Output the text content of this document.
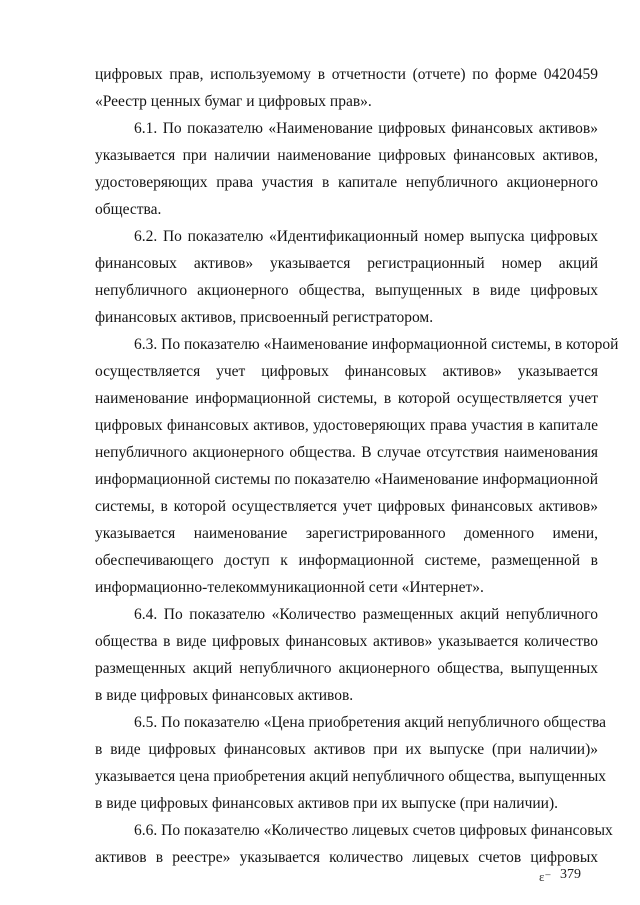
цифровых прав, используемому в отчетности (отчете) по форме 0420459
«Реестр ценных бумаг и цифровых прав».
6.1. По показателю «Наименование цифровых финансовых активов»
указывается при наличии наименование цифровых финансовых активов,
удостоверяющих права участия в капитале непубличного акционерного
общества.
6.2. По показателю «Идентификационный номер выпуска цифровых
финансовых активов» указывается регистрационный номер акций
непубличного акционерного общества, выпущенных в виде цифровых
финансовых активов, присвоенный регистратором.
6.3. По показателю «Наименование информационной системы, в которой
осуществляется учет цифровых финансовых активов» указывается
наименование информационной системы, в которой осуществляется учет
цифровых финансовых активов, удостоверяющих права участия в капитале
непубличного акционерного общества. В случае отсутствия наименования
информационной системы по показателю «Наименование информационной
системы, в которой осуществляется учет цифровых финансовых активов»
указывается наименование зарегистрированного доменного имени,
обеспечивающего доступ к информационной системе, размещенной в
информационно-телекоммуникационной сети «Интернет».
6.4. По показателю «Количество размещенных акций непубличного
общества в виде цифровых финансовых активов» указывается количество
размещенных акций непубличного акционерного общества, выпущенных
в виде цифровых финансовых активов.
6.5. По показателю «Цена приобретения акций непубличного общества
в виде цифровых финансовых активов при их выпуске (при наличии)»
указывается цена приобретения акций непубличного общества, выпущенных
в виде цифровых финансовых активов при их выпуске (при наличии).
6.6. По показателю «Количество лицевых счетов цифровых финансовых
активов в реестре» указывается количество лицевых счетов цифровых
ε⁻ 379
